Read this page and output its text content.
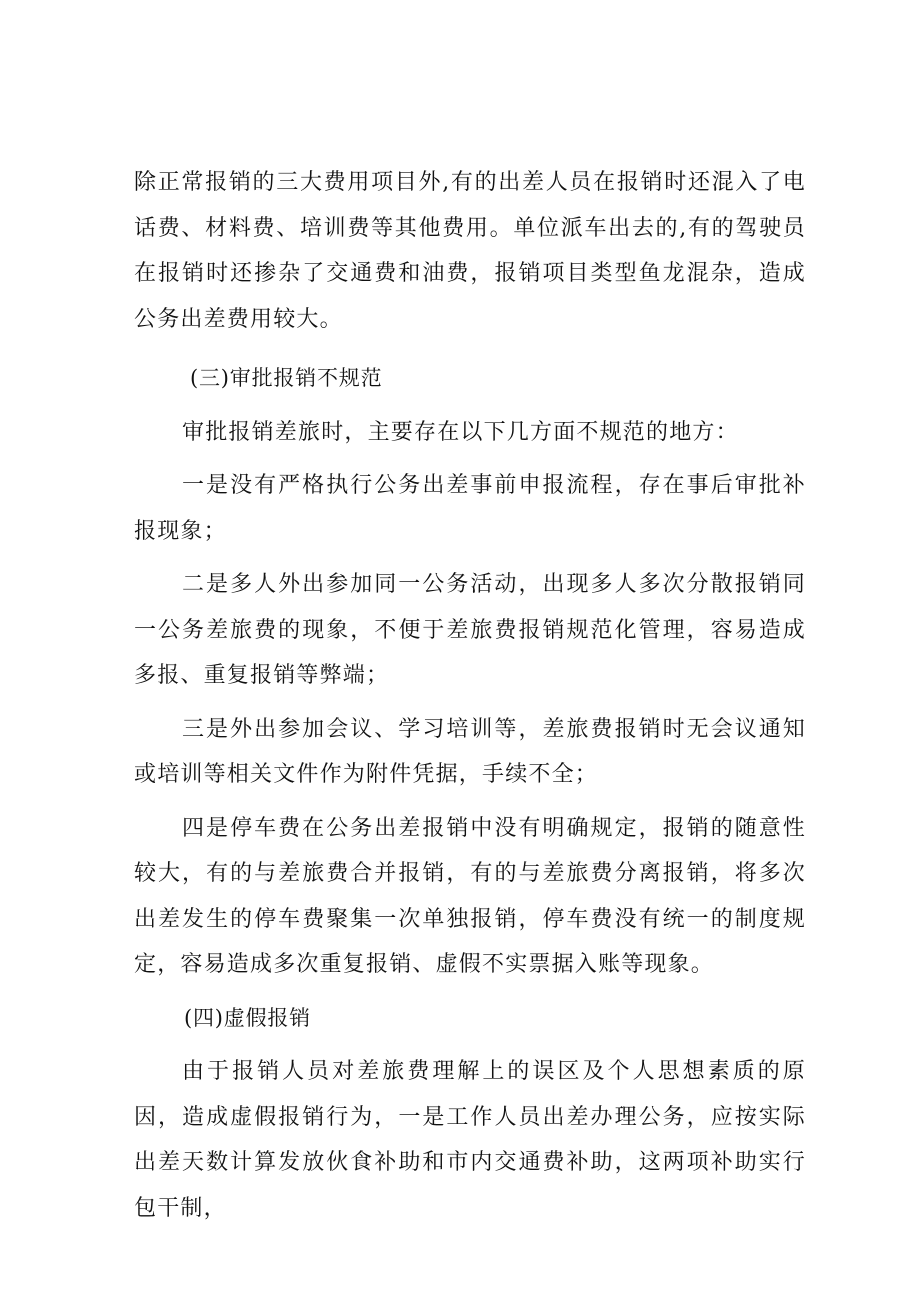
除正常报销的三大费用项目外,有的出差人员在报销时还混入了电话费、材料费、培训费等其他费用。单位派车出去的,有的驾驶员在报销时还掺杂了交通费和油费，报销项目类型鱼龙混杂，造成公务出差费用较大。

(三)审批报销不规范

审批报销差旅时，主要存在以下几方面不规范的地方：

一是没有严格执行公务出差事前申报流程，存在事后审批补报现象；

二是多人外出参加同一公务活动，出现多人多次分散报销同一公务差旅费的现象，不便于差旅费报销规范化管理，容易造成多报、重复报销等弊端；

三是外出参加会议、学习培训等，差旅费报销时无会议通知或培训等相关文件作为附件凭据，手续不全；

四是停车费在公务出差报销中没有明确规定，报销的随意性较大，有的与差旅费合并报销，有的与差旅费分离报销，将多次出差发生的停车费聚集一次单独报销，停车费没有统一的制度规定，容易造成多次重复报销、虚假不实票据入账等现象。

(四)虚假报销

由于报销人员对差旅费理解上的误区及个人思想素质的原因，造成虚假报销行为，一是工作人员出差办理公务，应按实际出差天数计算发放伙食补助和市内交通费补助，这两项补助实行包干制，
